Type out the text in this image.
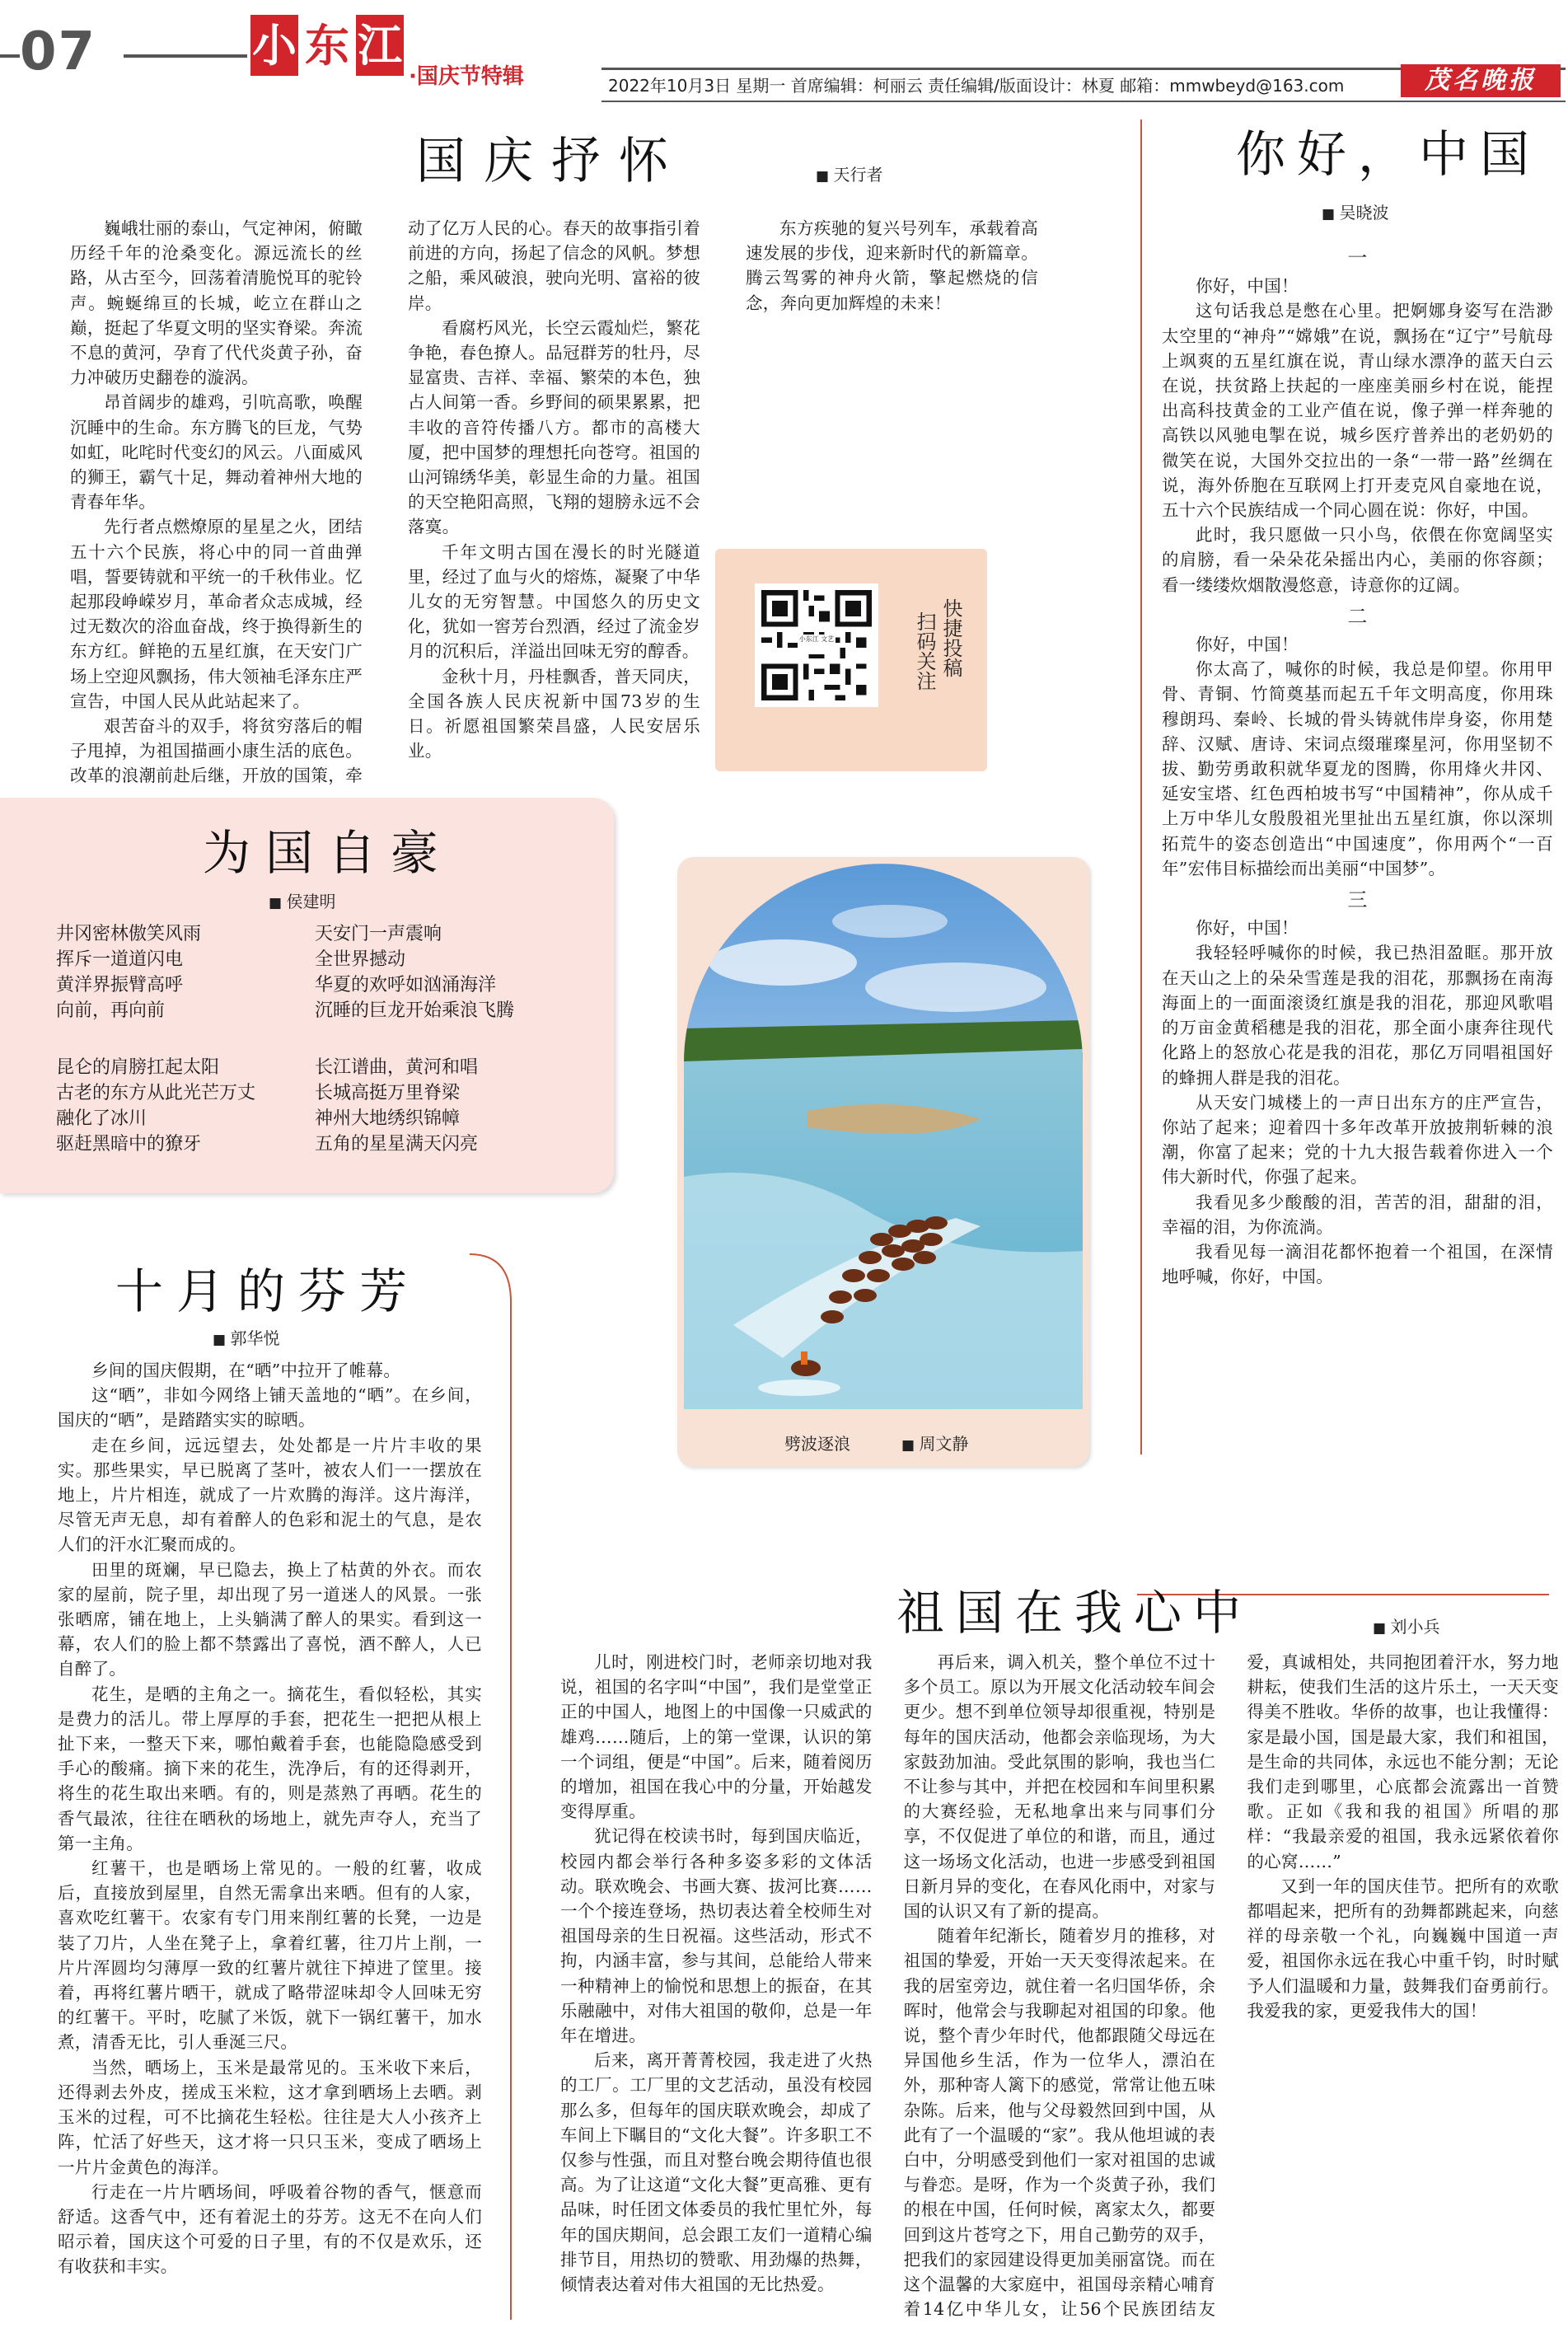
07	小 东 江
·国庆节特辑	2022年10月3日 星期一 首席编辑：柯丽云 责任编辑/版面设计：林夏 邮箱：mmwbeyd@163.com	茂名晚报
国庆抒怀	■ 天行者

巍峨壮丽的泰山，气定神闲，俯瞰历经千年的沧桑变化。源远流长的丝路，从古至今，回荡着清脆悦耳的驼铃声。蜿蜒绵亘的长城，屹立在群山之巅，挺起了华夏文明的坚实脊梁。奔流不息的黄河，孕育了代代炎黄子孙，奋力冲破历史翻卷的漩涡。

昂首阔步的雄鸡，引吭高歌，唤醒沉睡中的生命。东方腾飞的巨龙，气势如虹，叱咤时代变幻的风云。八面威风的狮王，霸气十足，舞动着神州大地的青春年华。

先行者点燃燎原的星星之火，团结五十六个民族，将心中的同一首曲弹唱，誓要铸就和平统一的千秋伟业。忆起那段峥嵘岁月，革命者众志成城，经过无数次的浴血奋战，终于换得新生的东方红。鲜艳的五星红旗，在天安门广场上空迎风飘扬，伟大领袖毛泽东庄严宣告，中国人民从此站起来了。

艰苦奋斗的双手，将贫穷落后的帽子甩掉，为祖国描画小康生活的底色。改革的浪潮前赴后继，开放的国策，牵动了亿万人民的心。春天的故事指引着前进的方向，扬起了信念的风帆。梦想之船，乘风破浪，驶向光明、富裕的彼岸。

看腐朽风光，长空云霞灿烂，繁花争艳，春色撩人。品冠群芳的牡丹，尽显富贵、吉祥、幸福、繁荣的本色，独占人间第一香。乡野间的硕果累累，把丰收的音符传播八方。都市的高楼大厦，把中国梦的理想托向苍穹。祖国的山河锦绣华美，彰显生命的力量。祖国的天空艳阳高照，飞翔的翅膀永远不会落寞。

千年文明古国在漫长的时光隧道里，经过了血与火的熔炼，凝聚了中华儿女的无穷智慧。中国悠久的历史文化，犹如一窖芳台烈酒，经过了流金岁月的沉积后，洋溢出回味无穷的醇香。

金秋十月，丹桂飘香，普天同庆，全国各族人民庆祝新中国73岁的生日。祈愿祖国繁荣昌盛，人民安居乐业。

东方疾驰的复兴号列车，承载着高速发展的步伐，迎来新时代的新篇章。腾云驾雾的神舟火箭，擎起燃烧的信念，奔向更加辉煌的未来！

小东江 文艺	快捷投稿
扫码关注
你好，中国
■ 吴晓波
一

你好，中国！

这句话我总是憋在心里。把婀娜身姿写在浩渺太空里的“神舟”“嫦娥”在说，飘扬在“辽宁”号航母上飒爽的五星红旗在说，青山绿水漂净的蓝天白云在说，扶贫路上扶起的一座座美丽乡村在说，能捏出高科技黄金的工业产值在说，像子弹一样奔驰的高铁以风驰电掣在说，城乡医疗普养出的老奶奶的微笑在说，大国外交拉出的一条“一带一路”丝绸在说，海外侨胞在互联网上打开麦克风自豪地在说，五十六个民族结成一个同心圆在说：你好，中国。

此时，我只愿做一只小鸟，依偎在你宽阔坚实的肩膀，看一朵朵花朵摇出内心，美丽的你容颜；看一缕缕炊烟散漫悠意，诗意你的辽阔。

二

你好，中国！

你太高了，喊你的时候，我总是仰望。你用甲骨、青铜、竹简奠基而起五千年文明高度，你用珠穆朗玛、秦岭、长城的骨头铸就伟岸身姿，你用楚辞、汉赋、唐诗、宋词点缀璀璨星河，你用坚韧不拔、勤劳勇敢积就华夏龙的图腾，你用烽火井冈、延安宝塔、红色西柏坡书写“中国精神”，你从成千上万中华儿女殷殷祖光里扯出五星红旗，你以深圳拓荒牛的姿态创造出“中国速度”，你用两个“一百年”宏伟目标描绘而出美丽“中国梦”。

三

你好，中国！

我轻轻呼喊你的时候，我已热泪盈眶。那开放在天山之上的朵朵雪莲是我的泪花，那飘扬在南海海面上的一面面滚烫红旗是我的泪花，那迎风歌唱的万亩金黄稻穗是我的泪花，那全面小康奔往现代化路上的怒放心花是我的泪花，那亿万同唱祖国好的蜂拥人群是我的泪花。

从天安门城楼上的一声日出东方的庄严宣告，你站了起来；迎着四十多年改革开放披荆斩棘的浪潮，你富了起来；党的十九大报告载着你进入一个伟大新时代，你强了起来。

我看见多少酸酸的泪，苦苦的泪，甜甜的泪，幸福的泪，为你流淌。

我看见每一滴泪花都怀抱着一个祖国，在深情地呼喊，你好，中国。

为国自豪
■ 侯建明
井冈密林傲笑风雨
挥斥一道道闪电
黄洋界振臂高呼
向前，再向前
天安门一声震响
全世界撼动
华夏的欢呼如汹涌海洋
沉睡的巨龙开始乘浪飞腾
昆仑的肩膀扛起太阳
古老的东方从此光芒万丈
融化了冰川
驱赶黑暗中的獠牙
长江谱曲，黄河和唱
长城高挺万里脊梁
神州大地绣织锦幛
五角的星星满天闪亮
劈波逐浪	■ 周文静
十月的芬芳
■ 郭华悦

乡间的国庆假期，在“晒”中拉开了帷幕。

这“晒”，非如今网络上铺天盖地的“晒”。在乡间，国庆的“晒”，是踏踏实实的晾晒。

走在乡间，远远望去，处处都是一片片丰收的果实。那些果实，早已脱离了茎叶，被农人们一一摆放在地上，片片相连，就成了一片欢腾的海洋。这片海洋，尽管无声无息，却有着醉人的色彩和泥土的气息，是农人们的汗水汇聚而成的。

田里的斑斓，早已隐去，换上了枯黄的外衣。而农家的屋前，院子里，却出现了另一道迷人的风景。一张张晒席，铺在地上，上头躺满了醉人的果实。看到这一幕，农人们的脸上都不禁露出了喜悦，酒不醉人，人已自醉了。

花生，是晒的主角之一。摘花生，看似轻松，其实是费力的活儿。带上厚厚的手套，把花生一把把从根上扯下来，一整天下来，哪怕戴着手套，也能隐隐感受到手心的酸痛。摘下来的花生，洗净后，有的还得剥开，将生的花生取出来晒。有的，则是蒸熟了再晒。花生的香气最浓，往往在晒秋的场地上，就先声夺人，充当了第一主角。

红薯干，也是晒场上常见的。一般的红薯，收成后，直接放到屋里，自然无需拿出来晒。但有的人家，喜欢吃红薯干。农家有专门用来削红薯的长凳，一边是装了刀片，人坐在凳子上，拿着红薯，往刀片上削，一片片浑圆均匀薄厚一致的红薯片就往下掉进了筐里。接着，再将红薯片晒干，就成了略带涩味却令人回味无穷的红薯干。平时，吃腻了米饭，就下一锅红薯干，加水煮，清香无比，引人垂涎三尺。

当然，晒场上，玉米是最常见的。玉米收下来后，还得剥去外皮，搓成玉米粒，这才拿到晒场上去晒。剥玉米的过程，可不比摘花生轻松。往往是大人小孩齐上阵，忙活了好些天，这才将一只只玉米，变成了晒场上一片片金黄色的海洋。

行走在一片片晒场间，呼吸着谷物的香气，惬意而舒适。这香气中，还有着泥土的芬芳。这无不在向人们昭示着，国庆这个可爱的日子里，有的不仅是欢乐，还有收获和丰实。

祖国在我心中	■ 刘小兵

儿时，刚进校门时，老师亲切地对我说，祖国的名字叫“中国”，我们是堂堂正正的中国人，地图上的中国像一只威武的雄鸡……随后，上的第一堂课，认识的第一个词组，便是“中国”。后来，随着阅历的增加，祖国在我心中的分量，开始越发变得厚重。

犹记得在校读书时，每到国庆临近，校园内都会举行各种多姿多彩的文体活动。联欢晚会、书画大赛、拔河比赛……一个个接连登场，热切表达着全校师生对祖国母亲的生日祝福。这些活动，形式不拘，内涵丰富，参与其间，总能给人带来一种精神上的愉悦和思想上的振奋，在其乐融融中，对伟大祖国的敬仰，总是一年年在增进。

后来，离开菁菁校园，我走进了火热的工厂。工厂里的文艺活动，虽没有校园那么多，但每年的国庆联欢晚会，却成了车间上下瞩目的“文化大餐”。许多职工不仅参与性强，而且对整台晚会期待值也很高。为了让这道“文化大餐”更高雅、更有品味，时任团文体委员的我忙里忙外，每年的国庆期间，总会跟工友们一道精心编排节目，用热切的赞歌、用劲爆的热舞，倾情表达着对伟大祖国的无比热爱。

再后来，调入机关，整个单位不过十多个员工。原以为开展文化活动较车间会更少。想不到单位领导却很重视，特别是每年的国庆活动，他都会亲临现场，为大家鼓劲加油。受此氛围的影响，我也当仁不让参与其中，并把在校园和车间里积累的大赛经验，无私地拿出来与同事们分享，不仅促进了单位的和谐，而且，通过这一场场文化活动，也进一步感受到祖国日新月异的变化，在春风化雨中，对家与国的认识又有了新的提高。

随着年纪渐长，随着岁月的推移，对祖国的挚爱，开始一天天变得浓起来。在我的居室旁边，就住着一名归国华侨，余晖时，他常会与我聊起对祖国的印象。他说，整个青少年时代，他都跟随父母远在异国他乡生活，作为一位华人，漂泊在外，那种寄人篱下的感觉，常常让他五味杂陈。后来，他与父母毅然回到中国，从此有了一个温暖的“家”。我从他坦诚的表白中，分明感受到他们一家对祖国的忠诚与眷恋。是呀，作为一个炎黄子孙，我们的根在中国，任何时候，离家太久，都要回到这片苍穹之下，用自己勤劳的双手，把我们的家园建设得更加美丽富饶。而在这个温馨的大家庭中，祖国母亲精心哺育着14亿中华儿女，让56个民族团结友爱，真诚相处，共同抱团着汗水，努力地耕耘，使我们生活的这片乐土，一天天变得美不胜收。华侨的故事，也让我懂得：家是最小国，国是最大家，我们和祖国，是生命的共同体，永远也不能分割；无论我们走到哪里，心底都会流露出一首赞歌。正如《我和我的祖国》所唱的那样：“我最亲爱的祖国，我永远紧依着你的心窝……”

又到一年的国庆佳节。把所有的欢歌都唱起来，把所有的劲舞都跳起来，向慈祥的母亲敬一个礼，向巍巍中国道一声爱，祖国你永远在我心中重千钧，时时赋予人们温暖和力量，鼓舞我们奋勇前行。我爱我的家，更爱我伟大的国！
